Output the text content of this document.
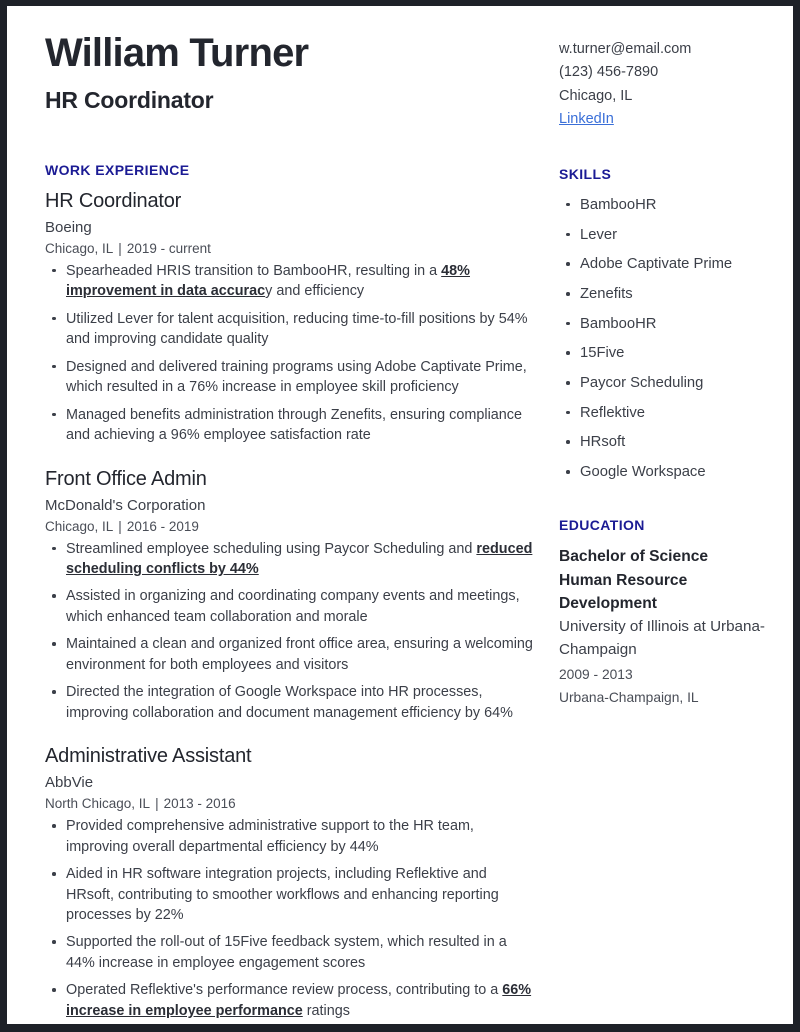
William Turner
HR Coordinator
w.turner@email.com
(123) 456-7890
Chicago, IL
LinkedIn
WORK EXPERIENCE
HR Coordinator
Boeing
Chicago, IL | 2019 - current
Spearheaded HRIS transition to BambooHR, resulting in a 48% improvement in data accuracy and efficiency
Utilized Lever for talent acquisition, reducing time-to-fill positions by 54% and improving candidate quality
Designed and delivered training programs using Adobe Captivate Prime, which resulted in a 76% increase in employee skill proficiency
Managed benefits administration through Zenefits, ensuring compliance and achieving a 96% employee satisfaction rate
Front Office Admin
McDonald's Corporation
Chicago, IL | 2016 - 2019
Streamlined employee scheduling using Paycor Scheduling and reduced scheduling conflicts by 44%
Assisted in organizing and coordinating company events and meetings, which enhanced team collaboration and morale
Maintained a clean and organized front office area, ensuring a welcoming environment for both employees and visitors
Directed the integration of Google Workspace into HR processes, improving collaboration and document management efficiency by 64%
Administrative Assistant
AbbVie
North Chicago, IL | 2013 - 2016
Provided comprehensive administrative support to the HR team, improving overall departmental efficiency by 44%
Aided in HR software integration projects, including Reflektive and HRsoft, contributing to smoother workflows and enhancing reporting processes by 22%
Supported the roll-out of 15Five feedback system, which resulted in a 44% increase in employee engagement scores
Operated Reflektive's performance review process, contributing to a 66% increase in employee performance ratings
SKILLS
BambooHR
Lever
Adobe Captivate Prime
Zenefits
BambooHR
15Five
Paycor Scheduling
Reflektive
HRsoft
Google Workspace
EDUCATION
Bachelor of Science
Human Resource
Development
University of Illinois at Urbana-Champaign
2009 - 2013
Urbana-Champaign, IL
